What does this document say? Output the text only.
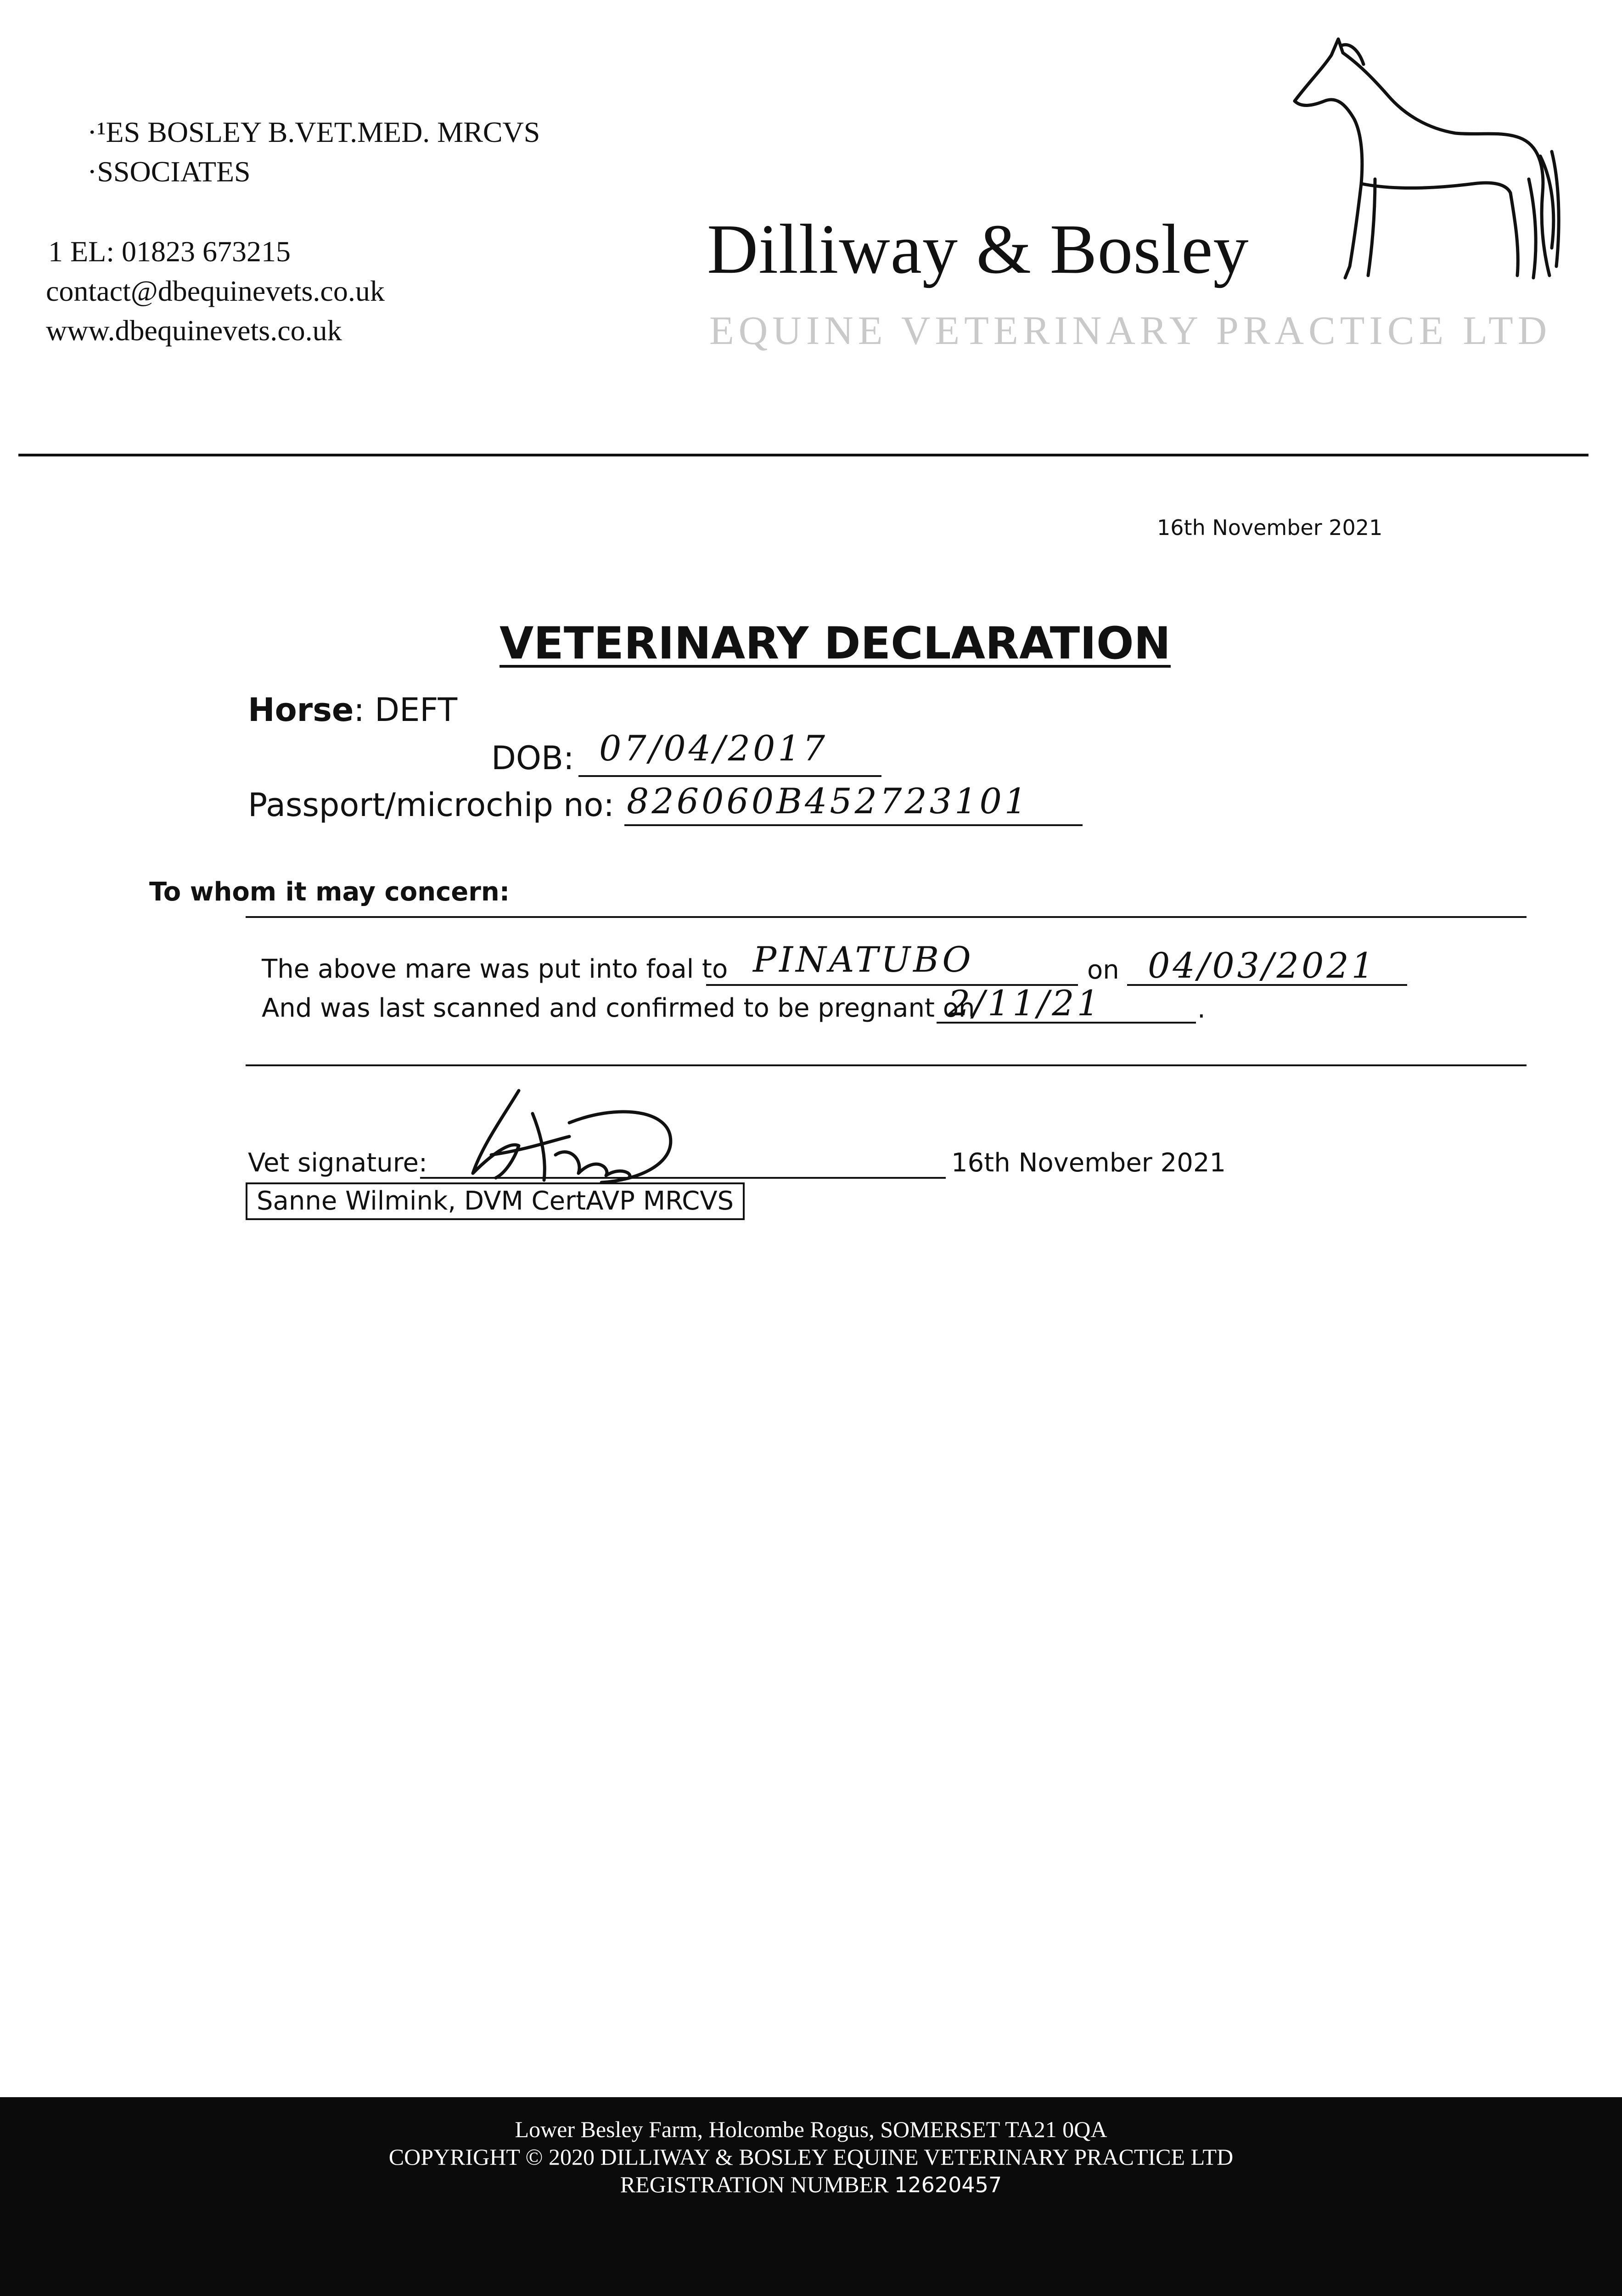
·¹ES BOSLEY B.VET.MED. MRCVS
·SSOCIATES
1 EL: 01823 673215
contact@dbequinevets.co.uk
www.dbequinevets.co.uk
Dilliway & Bosley
EQUINE VETERINARY PRACTICE LTD
16th November 2021
VETERINARY DECLARATION
Horse: DEFT
DOB: 07/04/2017
Passport/microchip no: 826060B452723101
To whom it may concern:
The above mare was put into foal to PINATUBO	on 04/03/2021
And was last scanned and confirmed to be pregnant on
2/11/21	.
Vet signature:	16th November 2021
Sanne Wilmink, DVM CertAVP MRCVS
Lower Besley Farm, Holcombe Rogus, SOMERSET TA21 0QA
COPYRIGHT © 2020 DILLIWAY & BOSLEY EQUINE VETERINARY PRACTICE LTD
REGISTRATION NUMBER 12620457
